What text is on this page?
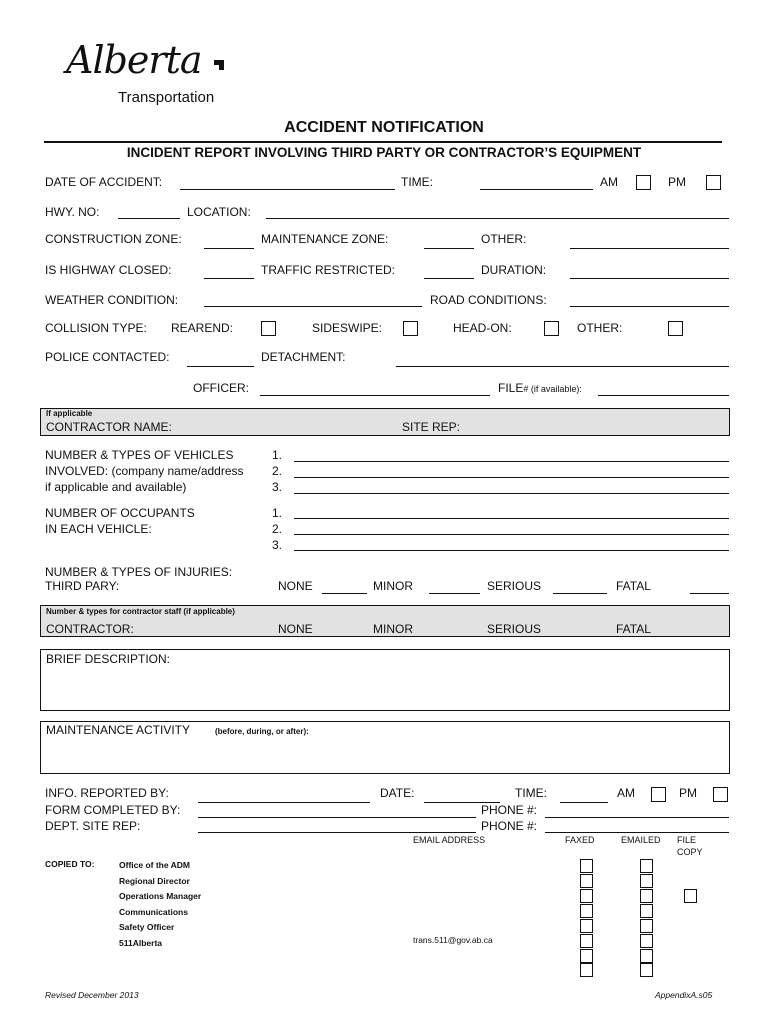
Alberta
Transportation
ACCIDENT NOTIFICATION
INCIDENT REPORT INVOLVING THIRD PARTY OR CONTRACTOR’S EQUIPMENT
DATE OF ACCIDENT:	TIME:	AM	PM
HWY. NO:	LOCATION:
CONSTRUCTION ZONE:	MAINTENANCE ZONE:	OTHER:
IS HIGHWAY CLOSED:	TRAFFIC RESTRICTED:	DURATION:
WEATHER CONDITION:	ROAD CONDITIONS:
COLLISION TYPE: REAREND:	SIDESWIPE:	HEAD-ON:	OTHER:
POLICE CONTACTED:	DETACHMENT:
OFFICER:	FILE# (if available):
If applicable
CONTRACTOR NAME:	SITE REP:
NUMBER & TYPES OF VEHICLES
INVOLVED: (company name/address
if applicable and available)
1.
2.
3.
NUMBER OF OCCUPANTS
IN EACH VEHICLE:
1.
2.
3.
NUMBER & TYPES OF INJURIES:
THIRD PARY:	NONE	MINOR	SERIOUS	FATAL
Number & types for contractor staff (if applicable)
CONTRACTOR:	NONE	MINOR	SERIOUS	FATAL
BRIEF DESCRIPTION:
MAINTENANCE ACTIVITY	(before, during, or after):
INFO. REPORTED BY:	DATE:	TIME:	AM	PM
FORM COMPLETED BY:	PHONE #:
DEPT. SITE REP:	PHONE #:
EMAIL ADDRESS	FAXED	EMAILED FILE
COPY
COPIED TO:	Office of the ADM
Regional Director
Operations Manager
Communications
Safety Officer
511Alberta	trans.511@gov.ab.ca
Revised December 2013	AppendixA.s05
